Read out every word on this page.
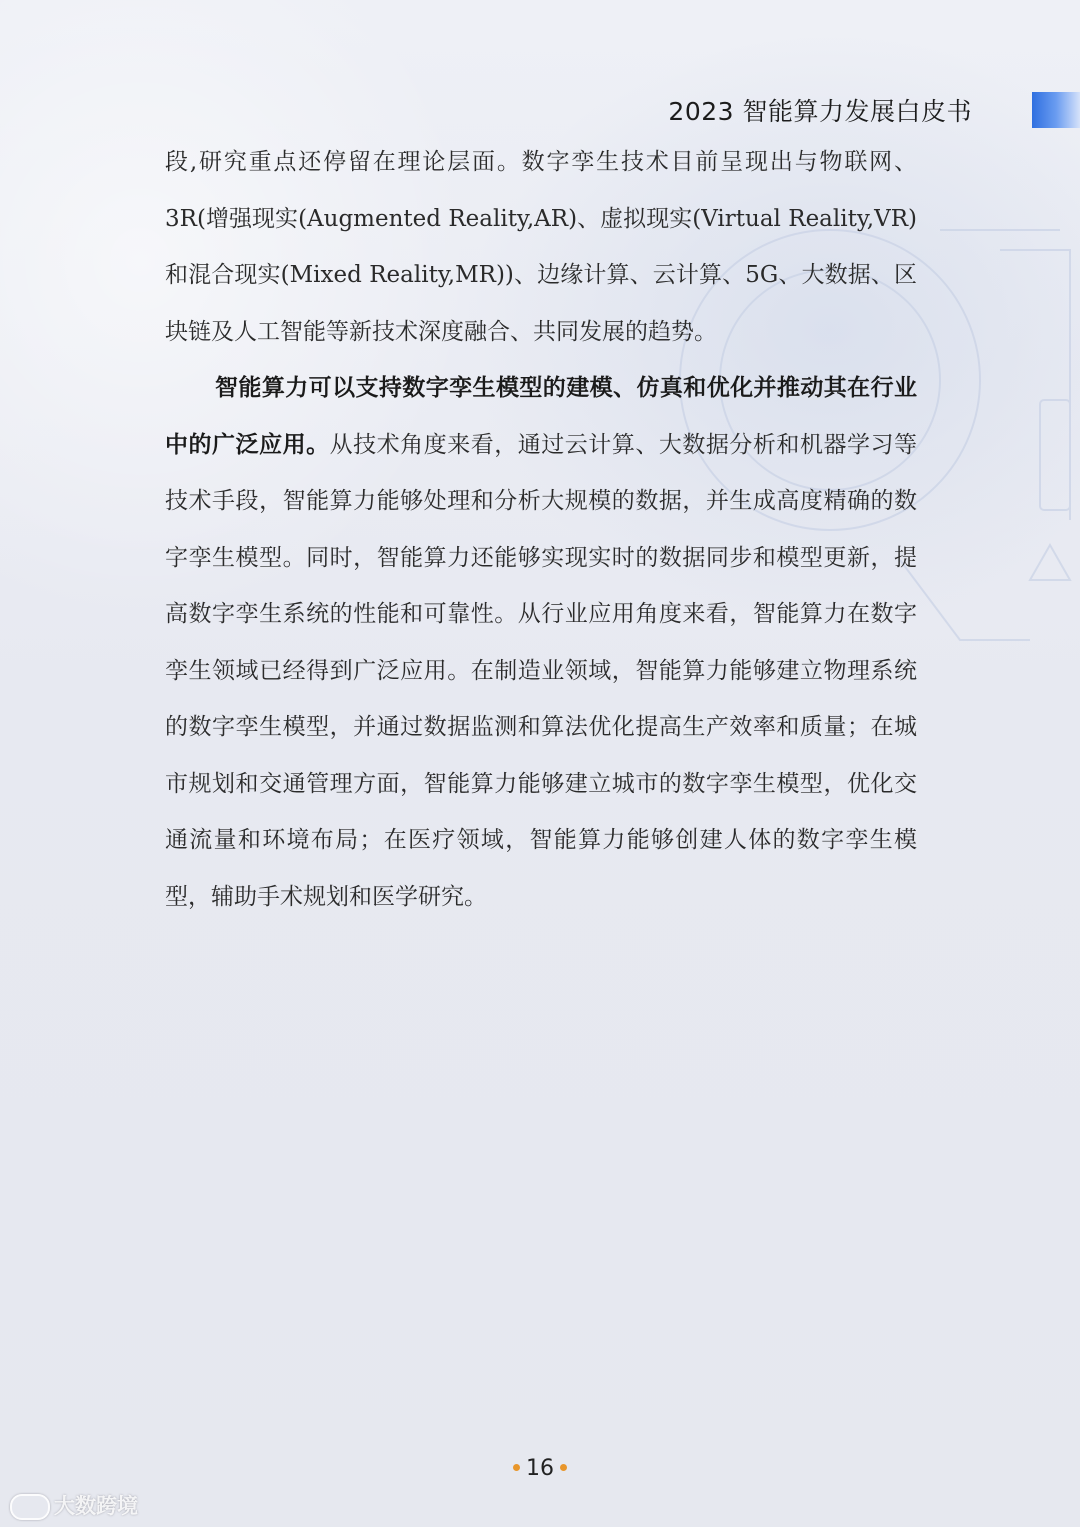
2023 智能算力发展白皮书

段,研究重点还停留在理论层面。数字孪生技术目前呈现出与物联网、3R(增强现实(Augmented Reality,AR)、虚拟现实(Virtual Reality,VR)和混合现实(Mixed Reality,MR))、边缘计算、云计算、5G、大数据、区块链及人工智能等新技术深度融合、共同发展的趋势。

智能算力可以支持数字孪生模型的建模、仿真和优化并推动其在行业中的广泛应用。从技术角度来看，通过云计算、大数据分析和机器学习等技术手段，智能算力能够处理和分析大规模的数据，并生成高度精确的数字孪生模型。同时，智能算力还能够实现实时的数据同步和模型更新，提高数字孪生系统的性能和可靠性。从行业应用角度来看，智能算力在数字孪生领域已经得到广泛应用。在制造业领域，智能算力能够建立物理系统的数字孪生模型，并通过数据监测和算法优化提高生产效率和质量；在城市规划和交通管理方面，智能算力能够建立城市的数字孪生模型，优化交通流量和环境布局；在医疗领域，智能算力能够创建人体的数字孪生模型，辅助手术规划和医学研究。

16
大数跨境
